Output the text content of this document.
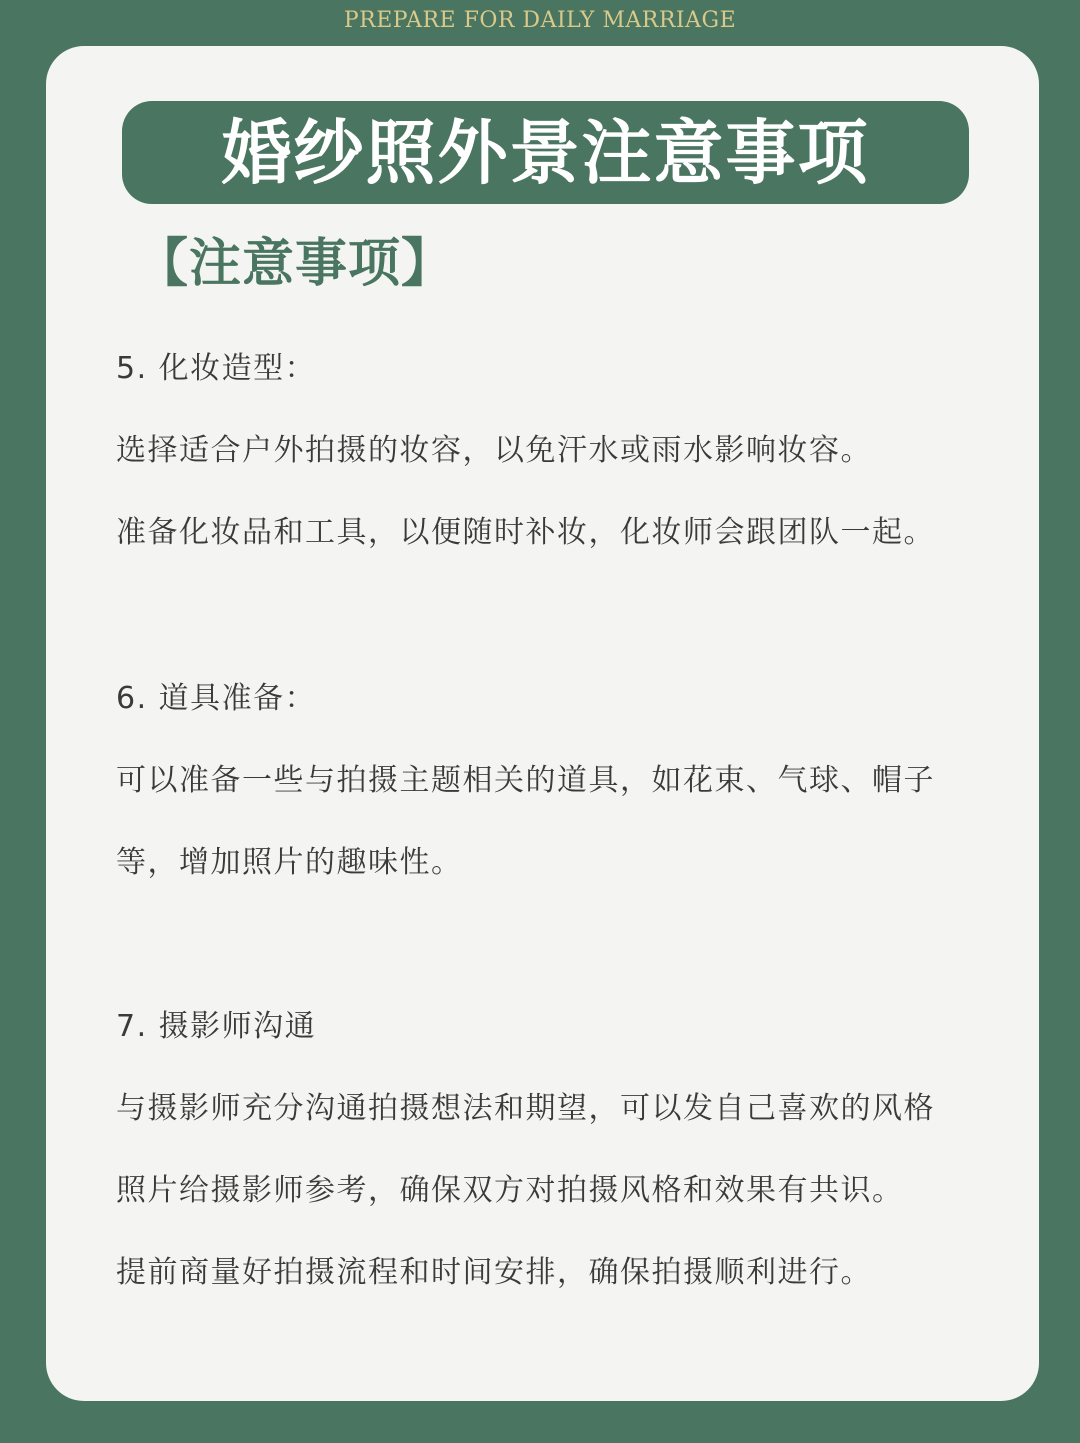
PREPARE FOR DAILY MARRIAGE
婚纱照外景注意事项
【注意事项】
5. 化妆造型：
选择适合户外拍摄的妆容，以免汗水或雨水影响妆容。
准备化妆品和工具，以便随时补妆，化妆师会跟团队一起。
6. 道具准备：
可以准备一些与拍摄主题相关的道具，如花束、气球、帽子
等，增加照片的趣味性。
7. 摄影师沟通
与摄影师充分沟通拍摄想法和期望，可以发自己喜欢的风格
照片给摄影师参考，确保双方对拍摄风格和效果有共识。
提前商量好拍摄流程和时间安排，确保拍摄顺利进行。
